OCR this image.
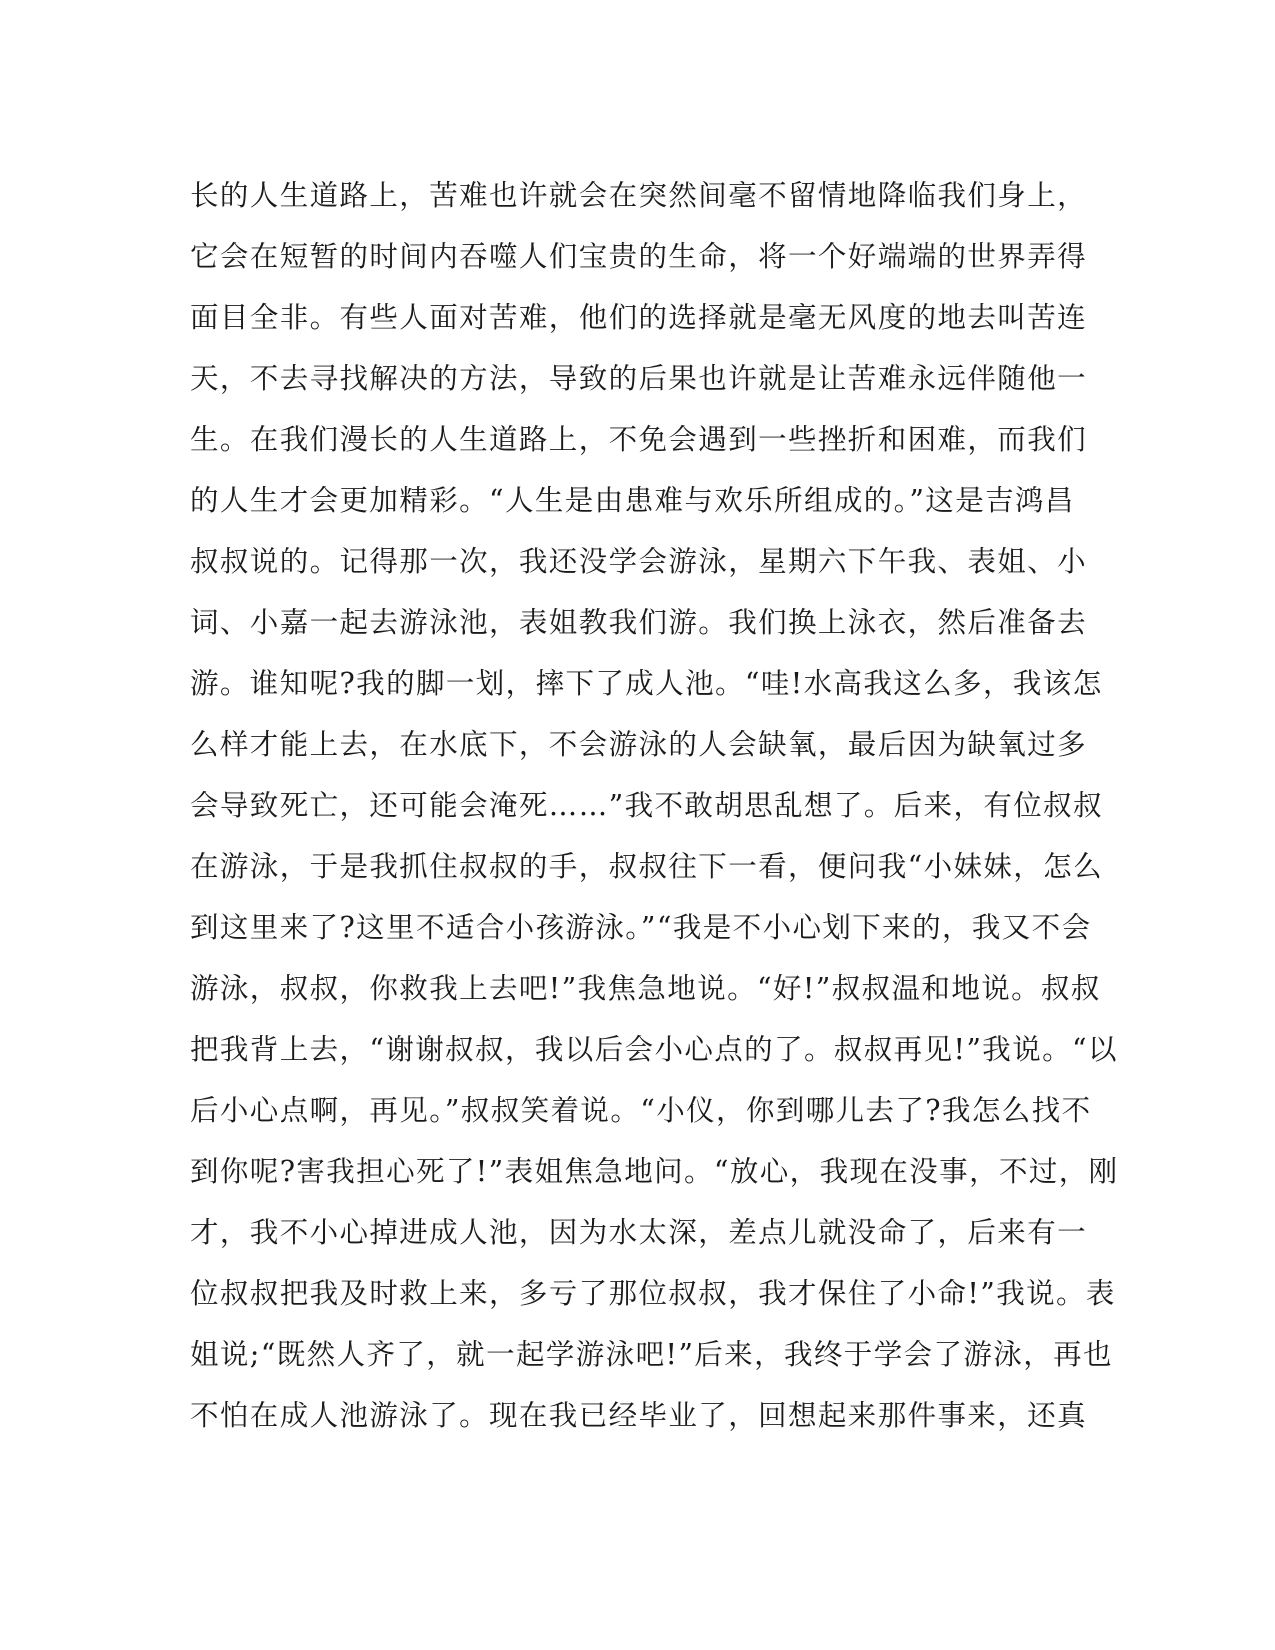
长的人生道路上，苦难也许就会在突然间毫不留情地降临我们身上，
它会在短暂的时间内吞噬人们宝贵的生命，将一个好端端的世界弄得
面目全非。有些人面对苦难，他们的选择就是毫无风度的地去叫苦连
天，不去寻找解决的方法，导致的后果也许就是让苦难永远伴随他一
生。在我们漫长的人生道路上，不免会遇到一些挫折和困难，而我们
的人生才会更加精彩。“人生是由患难与欢乐所组成的。”这是吉鸿昌
叔叔说的。记得那一次，我还没学会游泳，星期六下午我、表姐、小
词、小嘉一起去游泳池，表姐教我们游。我们换上泳衣，然后准备去
游。谁知呢?我的脚一划，摔下了成人池。“哇!水高我这么多，我该怎
么样才能上去，在水底下，不会游泳的人会缺氧，最后因为缺氧过多
会导致死亡，还可能会淹死……”我不敢胡思乱想了。后来，有位叔叔
在游泳，于是我抓住叔叔的手，叔叔往下一看，便问我“小妹妹，怎么
到这里来了?这里不适合小孩游泳。”“我是不小心划下来的，我又不会
游泳，叔叔，你救我上去吧!”我焦急地说。“好!”叔叔温和地说。叔叔
把我背上去，“谢谢叔叔，我以后会小心点的了。叔叔再见!”我说。“以
后小心点啊，再见。”叔叔笑着说。“小仪，你到哪儿去了?我怎么找不
到你呢?害我担心死了!”表姐焦急地问。“放心，我现在没事，不过，刚
才，我不小心掉进成人池，因为水太深，差点儿就没命了，后来有一
位叔叔把我及时救上来，多亏了那位叔叔，我才保住了小命!”我说。表
姐说;“既然人齐了，就一起学游泳吧!”后来，我终于学会了游泳，再也
不怕在成人池游泳了。现在我已经毕业了，回想起来那件事来，还真
